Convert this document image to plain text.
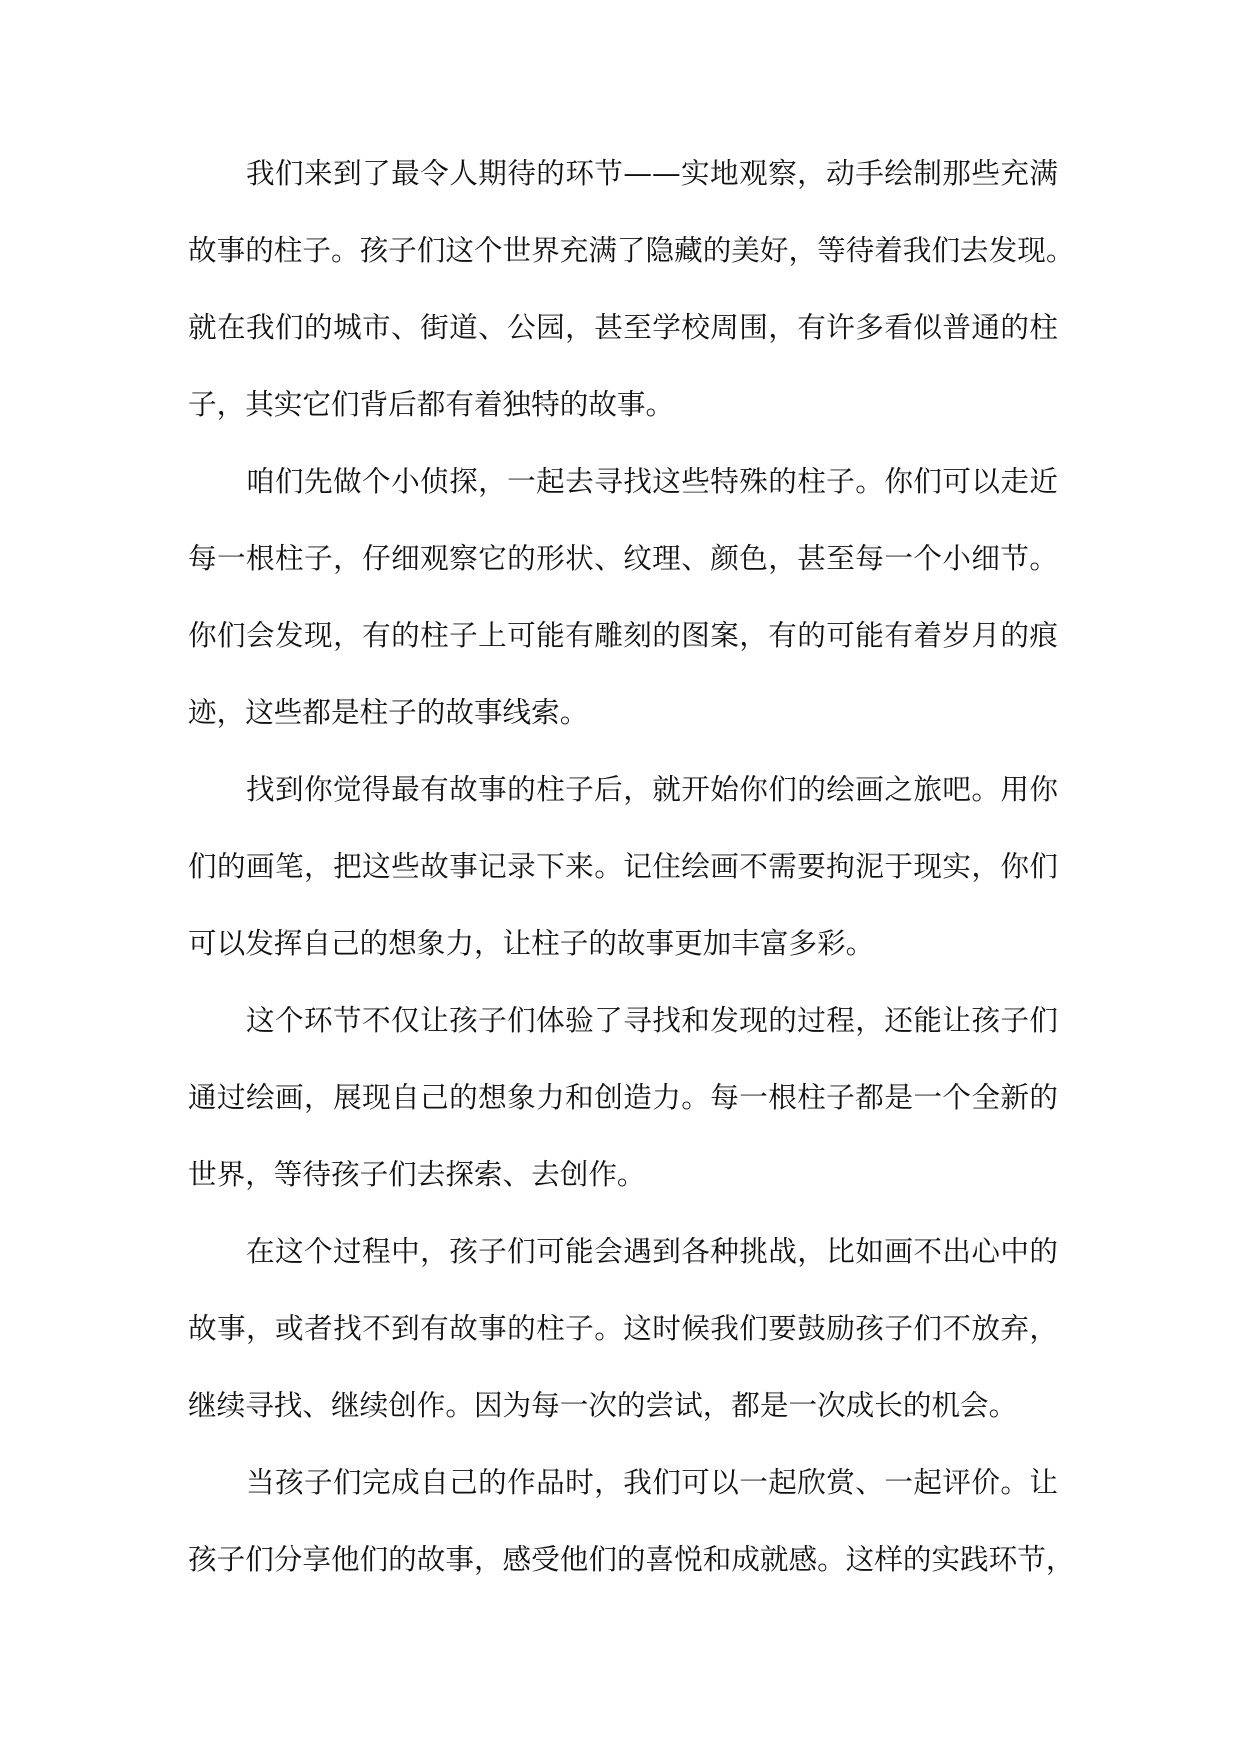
我们来到了最令人期待的环节——实地观察，动手绘制那些充满
故事的柱子。孩子们这个世界充满了隐藏的美好，等待着我们去发现。
就在我们的城市、街道、公园，甚至学校周围，有许多看似普通的柱
子，其实它们背后都有着独特的故事。
咱们先做个小侦探，一起去寻找这些特殊的柱子。你们可以走近
每一根柱子，仔细观察它的形状、纹理、颜色，甚至每一个小细节。
你们会发现，有的柱子上可能有雕刻的图案，有的可能有着岁月的痕
迹，这些都是柱子的故事线索。
找到你觉得最有故事的柱子后，就开始你们的绘画之旅吧。用你
们的画笔，把这些故事记录下来。记住绘画不需要拘泥于现实，你们
可以发挥自己的想象力，让柱子的故事更加丰富多彩。
这个环节不仅让孩子们体验了寻找和发现的过程，还能让孩子们
通过绘画，展现自己的想象力和创造力。每一根柱子都是一个全新的
世界，等待孩子们去探索、去创作。
在这个过程中，孩子们可能会遇到各种挑战，比如画不出心中的
故事，或者找不到有故事的柱子。这时候我们要鼓励孩子们不放弃，
继续寻找、继续创作。因为每一次的尝试，都是一次成长的机会。
当孩子们完成自己的作品时，我们可以一起欣赏、一起评价。让
孩子们分享他们的故事，感受他们的喜悦和成就感。这样的实践环节，
